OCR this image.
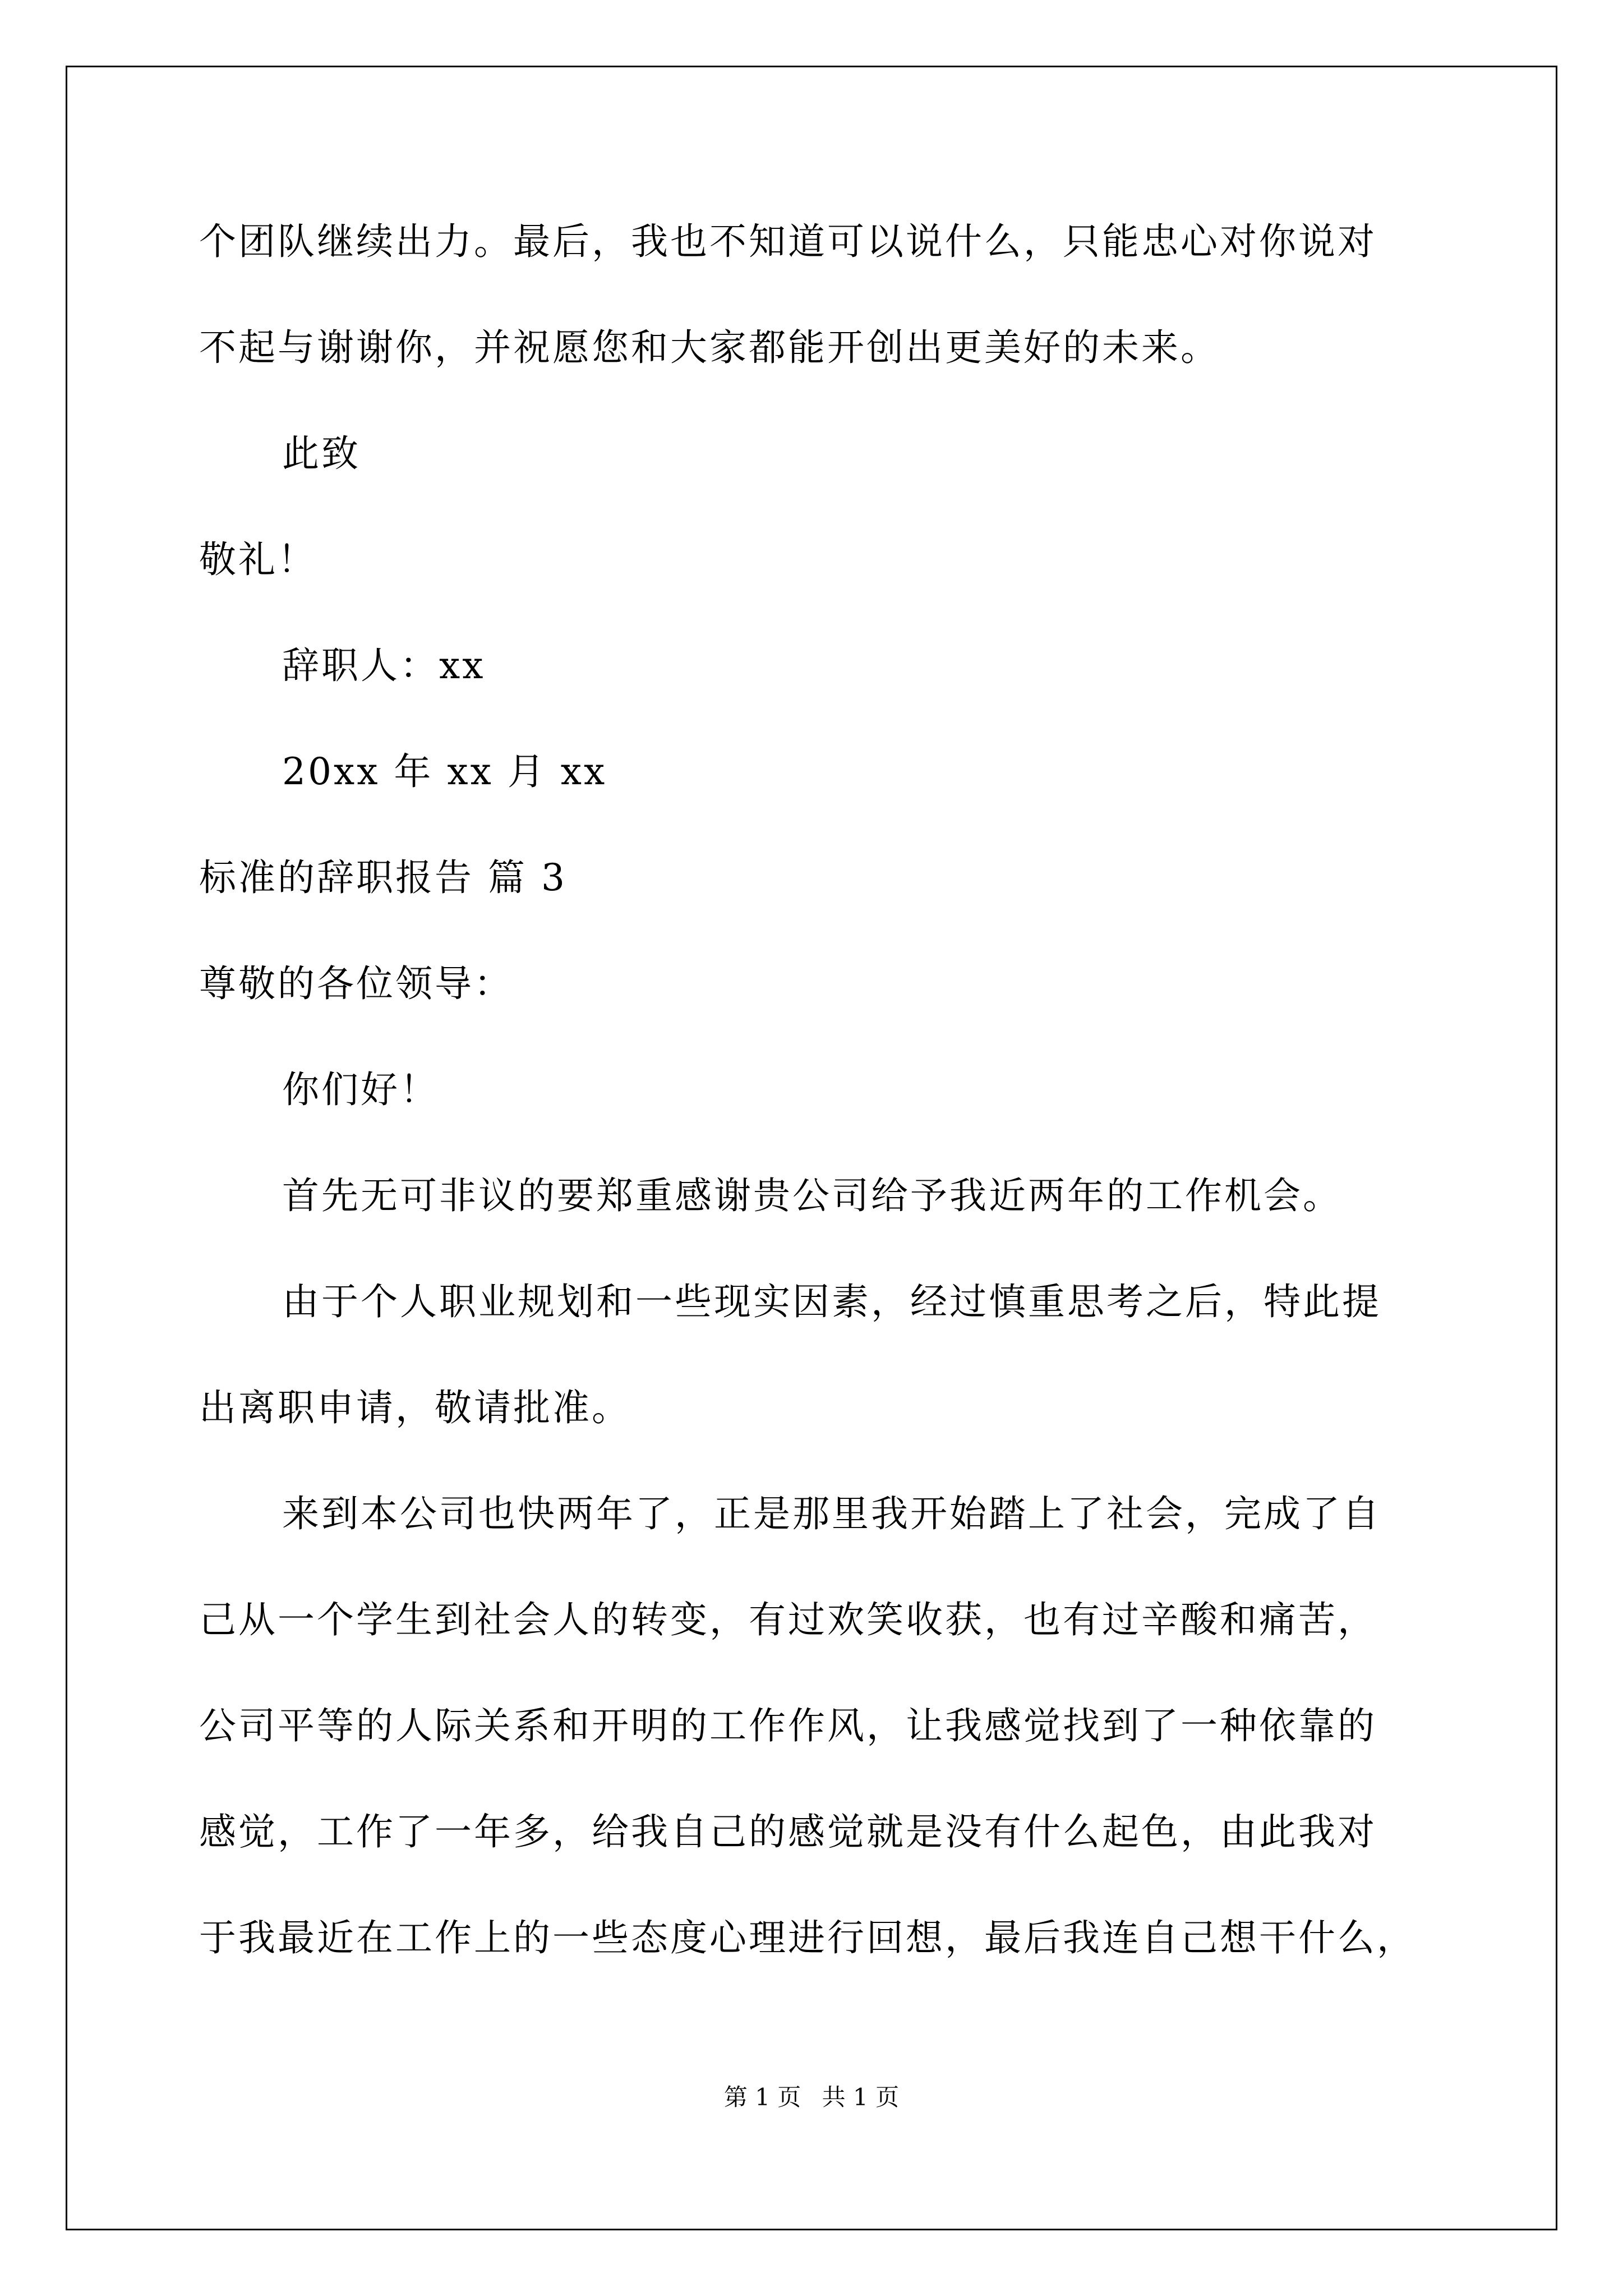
个团队继续出力。最后，我也不知道可以说什么，只能忠心对你说对
不起与谢谢你，并祝愿您和大家都能开创出更美好的未来。
此致
敬礼！
辞职人：xx
20xx 年 xx 月 xx
标准的辞职报告 篇 3
尊敬的各位领导：
你们好！
首先无可非议的要郑重感谢贵公司给予我近两年的工作机会。
由于个人职业规划和一些现实因素，经过慎重思考之后，特此提
出离职申请，敬请批准。
来到本公司也快两年了，正是那里我开始踏上了社会，完成了自
己从一个学生到社会人的转变，有过欢笑收获，也有过辛酸和痛苦，
公司平等的人际关系和开明的工作作风，让我感觉找到了一种依靠的
感觉，工作了一年多，给我自己的感觉就是没有什么起色，由此我对
于我最近在工作上的一些态度心理进行回想，最后我连自己想干什么，
第 1 页 共 1 页
